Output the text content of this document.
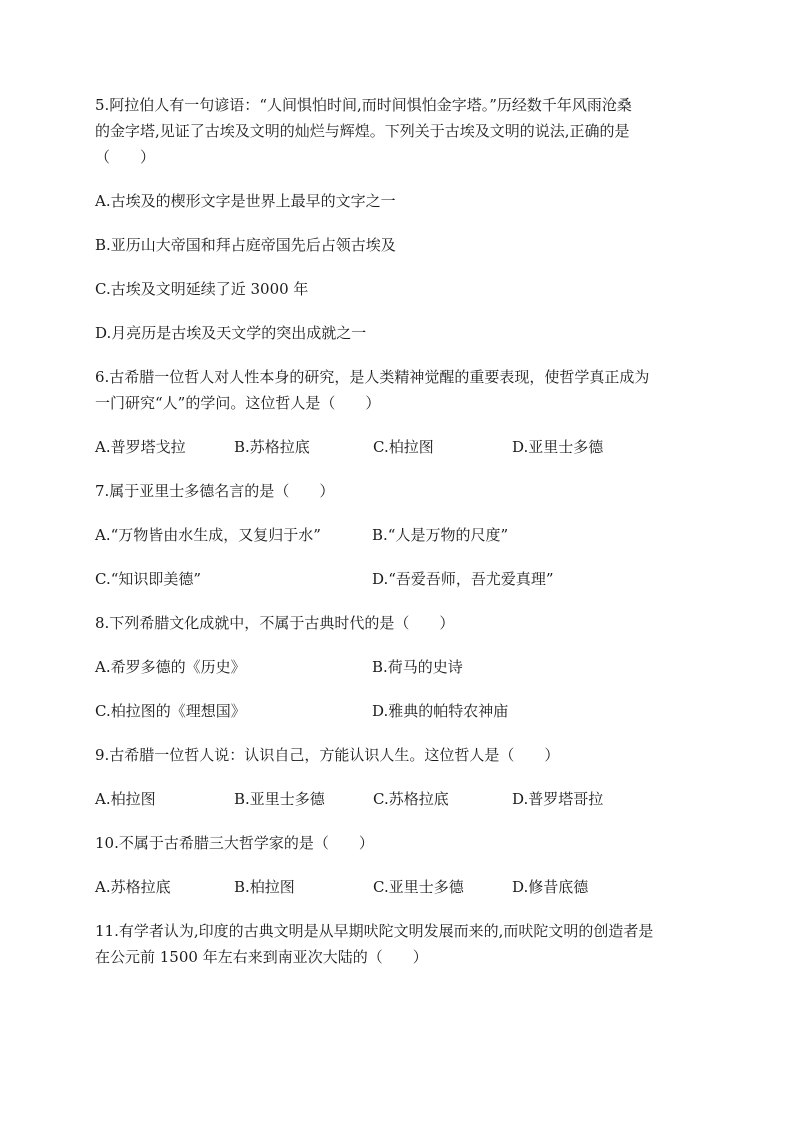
5.阿拉伯人有一句谚语：“人间惧怕时间,而时间惧怕金字塔。”历经数千年风雨沧桑
的金字塔,见证了古埃及文明的灿烂与辉煌。下列关于古埃及文明的说法,正确的是
（　　）
A.古埃及的楔形文字是世界上最早的文字之一
B.亚历山大帝国和拜占庭帝国先后占领古埃及
C.古埃及文明延续了近 3000 年
D.月亮历是古埃及天文学的突出成就之一
6.古希腊一位哲人对人性本身的研究，是人类精神觉醒的重要表现，使哲学真正成为
一门研究“人”的学问。这位哲人是（　　）
A.普罗塔戈拉	B.苏格拉底	C.柏拉图	D.亚里士多德
7.属于亚里士多德名言的是（　　）
A.“万物皆由水生成，又复归于水”	B.“人是万物的尺度”
C.“知识即美德”	D.“吾爱吾师，吾尤爱真理”
8.下列希腊文化成就中，不属于古典时代的是（　　）
A.希罗多德的《历史》	B.荷马的史诗
C.柏拉图的《理想国》	D.雅典的帕特农神庙
9.古希腊一位哲人说：认识自己，方能认识人生。这位哲人是（　　）
A.柏拉图	B.亚里士多德	C.苏格拉底	D.普罗塔哥拉
10.不属于古希腊三大哲学家的是（　　）
A.苏格拉底	B.柏拉图	C.亚里士多德	D.修昔底德
11.有学者认为,印度的古典文明是从早期吠陀文明发展而来的,而吠陀文明的创造者是
在公元前 1500 年左右来到南亚次大陆的（　　）
